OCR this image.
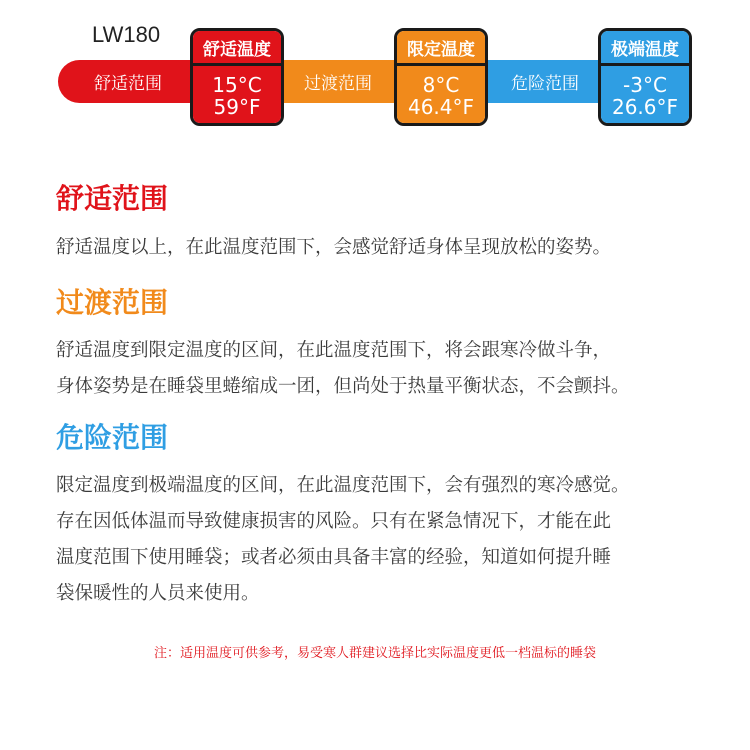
LW180
舒适范围	过渡范围	危险范围
舒适温度
15°C
59°F
限定温度
8°C
46.4°F
极端温度
-3°C
26.6°F
舒适范围
舒适温度以上，在此温度范围下，会感觉舒适身体呈现放松的姿势。
过渡范围
舒适温度到限定温度的区间，在此温度范围下，将会跟寒冷做斗争，
身体姿势是在睡袋里蜷缩成一团，但尚处于热量平衡状态，不会颤抖。
危险范围
限定温度到极端温度的区间，在此温度范围下，会有强烈的寒冷感觉。
存在因低体温而导致健康损害的风险。只有在紧急情况下，才能在此
温度范围下使用睡袋；或者必须由具备丰富的经验，知道如何提升睡
袋保暖性的人员来使用。
注：适用温度可供参考，易受寒人群建议选择比实际温度更低一档温标的睡袋
